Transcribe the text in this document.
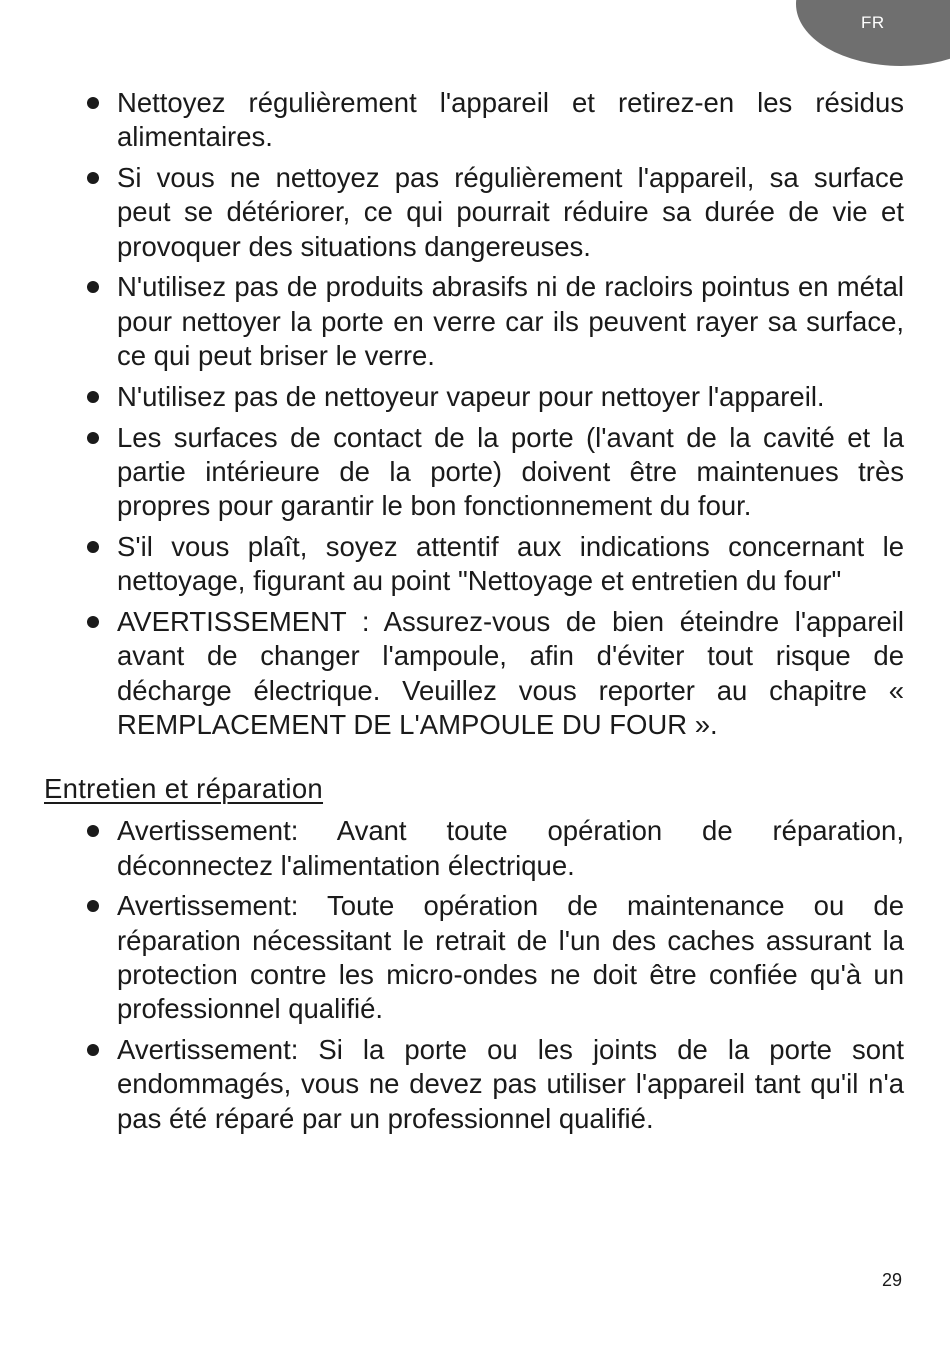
FR
Nettoyez régulièrement l'appareil et retirez-en les résidus alimentaires.
Si vous ne nettoyez pas régulièrement l'appareil, sa surface peut se détériorer, ce qui pourrait réduire sa durée de vie et provoquer des situations dangereuses.
N'utilisez pas de produits abrasifs ni de racloirs pointus en métal pour nettoyer la porte en verre car ils peuvent rayer sa surface, ce qui peut briser le verre.
N'utilisez pas de nettoyeur vapeur pour nettoyer l'appareil.
Les surfaces de contact de la porte (l'avant de la cavité et la partie intérieure de la porte) doivent être maintenues très propres pour garantir le bon fonctionnement du four.
S'il vous plaît, soyez attentif aux indications concernant le nettoyage, figurant au point "Nettoyage et entretien du four"
AVERTISSEMENT : Assurez-vous de bien éteindre l'appareil avant de changer l'ampoule, afin d'éviter tout risque de décharge électrique. Veuillez vous reporter au chapitre « REMPLACEMENT DE L'AMPOULE DU FOUR ».
Entretien et réparation
Avertissement: Avant toute opération de réparation, déconnectez l'alimentation électrique.
Avertissement: Toute opération de maintenance ou de réparation nécessitant le retrait de l'un des caches assurant la protection contre les micro-ondes ne doit être confiée qu'à un professionnel qualifié.
Avertissement: Si la porte ou les joints de la porte sont endommagés, vous ne devez pas utiliser l'appareil tant qu'il n'a pas été réparé par un professionnel qualifié.
29
